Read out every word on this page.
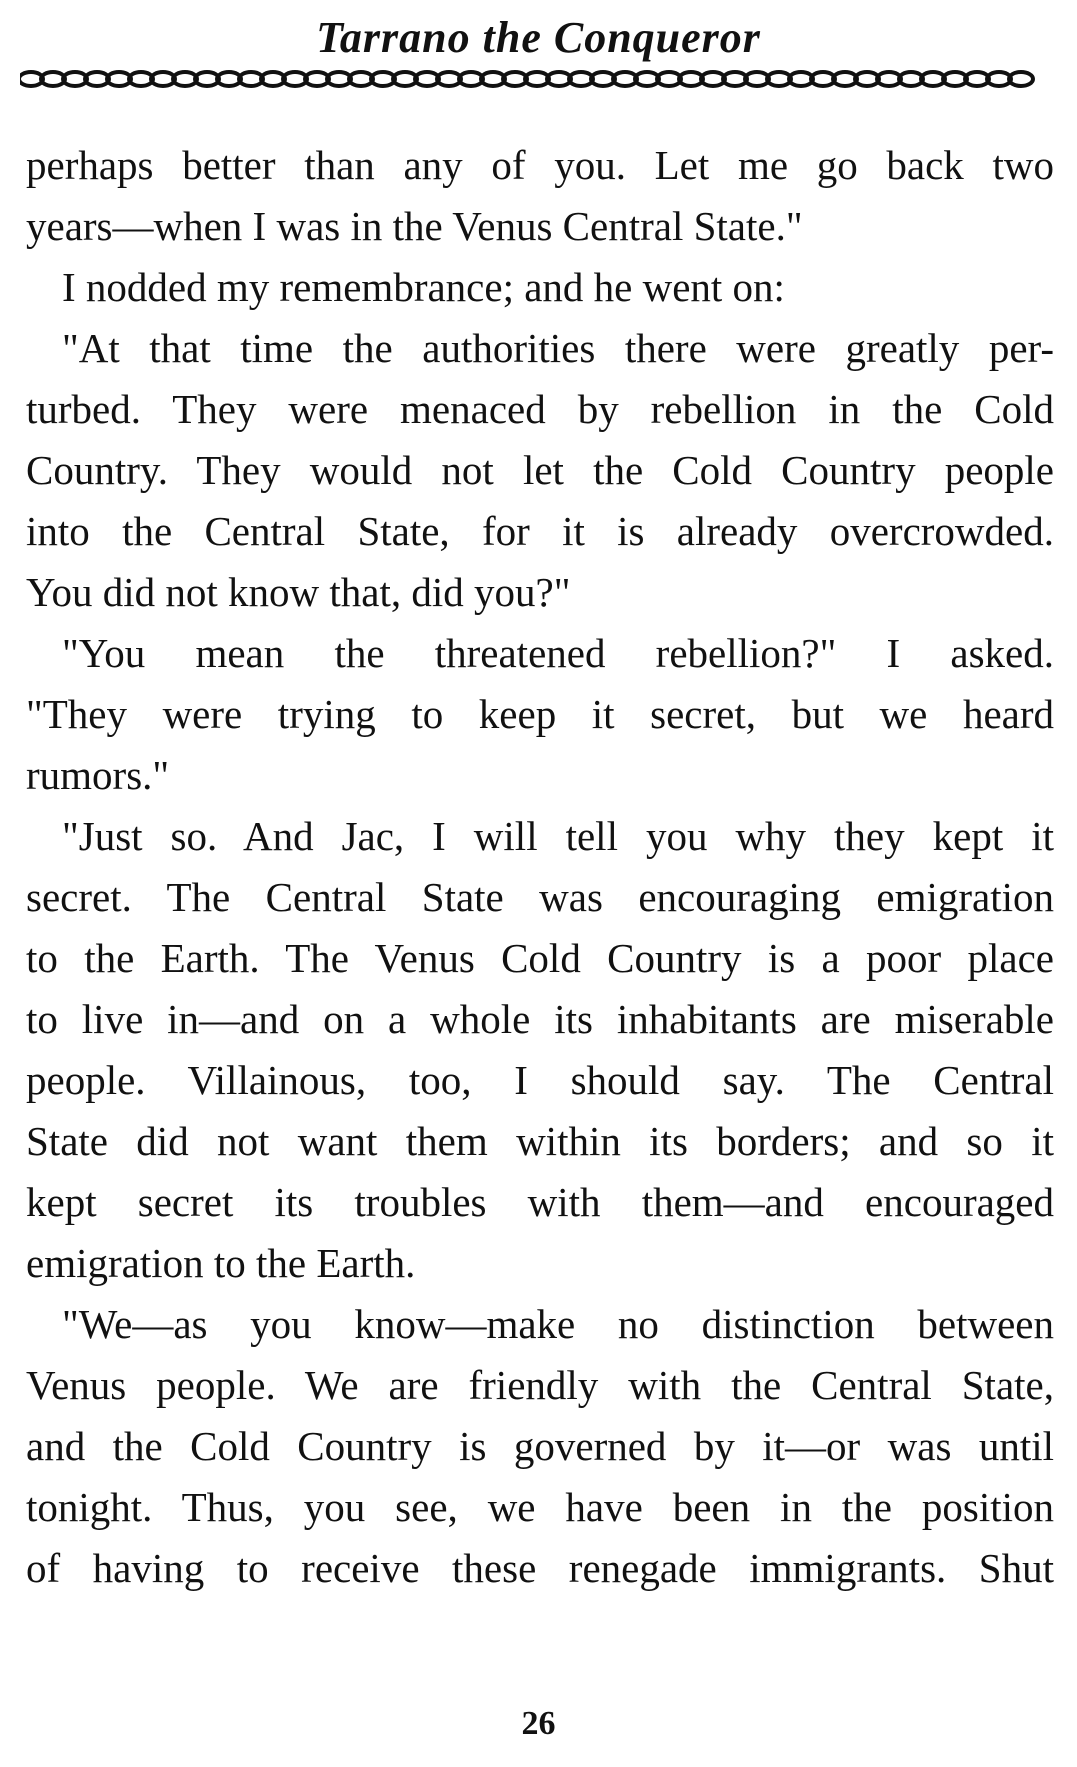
Tarrano the Conqueror
perhaps better than any of you. Let me go back two
years—when I was in the Venus Central State."
I nodded my remembrance; and he went on:
"At that time the authorities there were greatly per-
turbed. They were menaced by rebellion in the Cold
Country. They would not let the Cold Country people
into the Central State, for it is already overcrowded.
You did not know that, did you?"
"You mean the threatened rebellion?" I asked.
"They were trying to keep it secret, but we heard
rumors."
"Just so. And Jac, I will tell you why they kept it
secret. The Central State was encouraging emigration
to the Earth. The Venus Cold Country is a poor place
to live in—and on a whole its inhabitants are miserable
people. Villainous, too, I should say. The Central
State did not want them within its borders; and so it
kept secret its troubles with them—and encouraged
emigration to the Earth.
"We—as you know—make no distinction between
Venus people. We are friendly with the Central State,
and the Cold Country is governed by it—or was until
tonight. Thus, you see, we have been in the position
of having to receive these renegade immigrants. Shut
26
